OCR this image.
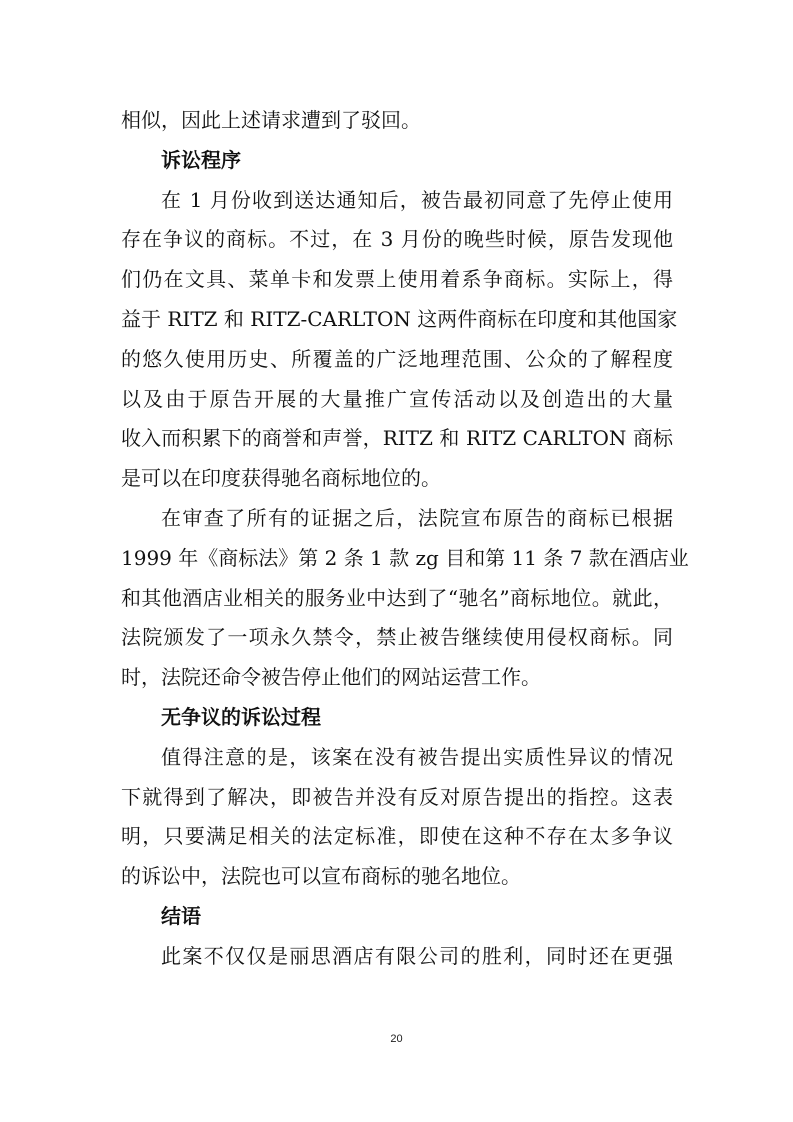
相似，因此上述请求遭到了驳回。
诉讼程序
在 1 月份收到送达通知后，被告最初同意了先停止使用
存在争议的商标。不过，在 3 月份的晚些时候，原告发现他
们仍在文具、菜单卡和发票上使用着系争商标。实际上，得
益于 RITZ 和 RITZ-CARLTON 这两件商标在印度和其他国家
的悠久使用历史、所覆盖的广泛地理范围、公众的了解程度
以及由于原告开展的大量推广宣传活动以及创造出的大量
收入而积累下的商誉和声誉，RITZ 和 RITZ CARLTON 商标
是可以在印度获得驰名商标地位的。
在审查了所有的证据之后，法院宣布原告的商标已根据
1999 年《商标法》第 2 条 1 款 zg 目和第 11 条 7 款在酒店业
和其他酒店业相关的服务业中达到了“驰名”商标地位。就此，
法院颁发了一项永久禁令，禁止被告继续使用侵权商标。同
时，法院还命令被告停止他们的网站运营工作。
无争议的诉讼过程
值得注意的是，该案在没有被告提出实质性异议的情况
下就得到了解决，即被告并没有反对原告提出的指控。这表
明，只要满足相关的法定标准，即使在这种不存在太多争议
的诉讼中，法院也可以宣布商标的驰名地位。
结语
此案不仅仅是丽思酒店有限公司的胜利，同时还在更强
20
